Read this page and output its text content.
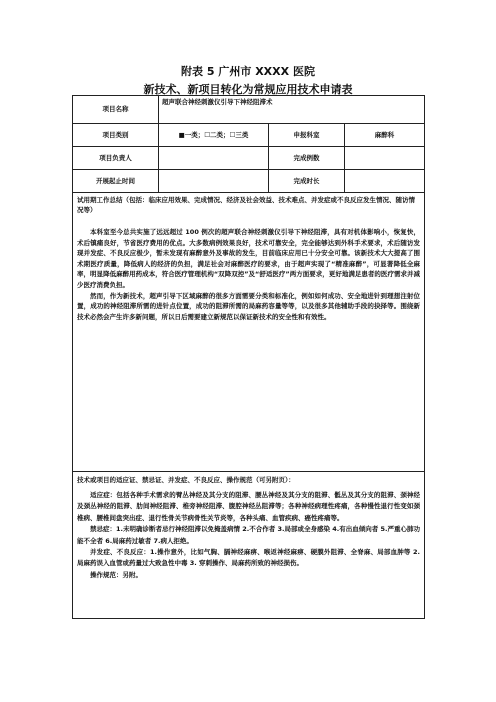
附表 5 广州市 XXXX 医院
新技术、新项目转化为常规应用技术申请表
项目名称	超声联合神经刺激仪引导下神经阻滞术		
项目类别	■一类；☐二类；☐三类	申报科室	麻醉科
项目负责人		完成例数	
开展起止时间		完成时长	

试用期工作总结（包括：临床应用效果、完成情况、经济及社会效益、技术难点、并发症或不良反应发生情况、随访情况等）

本科室至今总共实施了远远超过 100 例次的超声联合神经刺激仪引导下神经阻滞，具有对机体影响小，恢复快，术后镇痛良好，节省医疗费用的优点。大多数病例效果良好，技术可靠安全，完全能够达到外科手术要求，术后随访发现并发症、不良反应极少，暂未发现有麻醉意外及事故的发生，目前临床应用已十分安全可靠。该新技术大大提高了围术期医疗质量，降低病人的经济的负担，满足社会对麻醉医疗的要求，由于超声实现了“精准麻醉”，可显著降低全麻率，明显降低麻醉用药成本，符合医疗管理机构“双降双控”及“舒适医疗”两方面要求，更好地满足患者的医疗需求并减少医疗消费负担。

然而，作为新技术，超声引导下区域麻醉的很多方面需要分类和标准化，例如如何成功、安全地进针到理想注射位置，成功的神经阻滞所需的进针点位置，成功的阻滞所需的局麻药容量等等，以及很多其他辅助手段的抉择等。围绕新技术必然会产生许多新问题，所以日后需要建立新规范以保证新技术的安全性和有效性。			

技术或项目的适应证、禁忌证、并发症、不良反应、操作规范（可另附页）：

适应症：包括各种手术需求的臂丛神经及其分支的阻滞、腰丛神经及其分支的阻滞、骶丛及其分支的阻滞、颈神经及颈丛神经的阻滞、肋间神经阻滞、椎旁神经阻滞、腹腔神经丛阻滞等；各种神经病理性疼痛，各种慢性退行性变如颈椎病、腰椎间盘突出症、退行性骨关节病骨性关节炎等，各种头痛、血管疾病、癌性疼痛等。

禁忌症：1.未明确诊断者忌行神经阻滞以免掩盖病情 2.不合作者 3.局部或全身感染 4.有出血倾向者 5.严重心肺功能不全者 6.局麻药过敏者 7.病人拒绝。

并发症、不良反应：1.操作意外，比如气胸、膈神经麻痹、喉返神经麻痹、硬膜外阻滞、全脊麻、局部血肿等 2. 局麻药误入血管或药量过大致急性中毒 3. 穿刺操作、局麻药所致的神经损伤。

操作规范：另附。			
